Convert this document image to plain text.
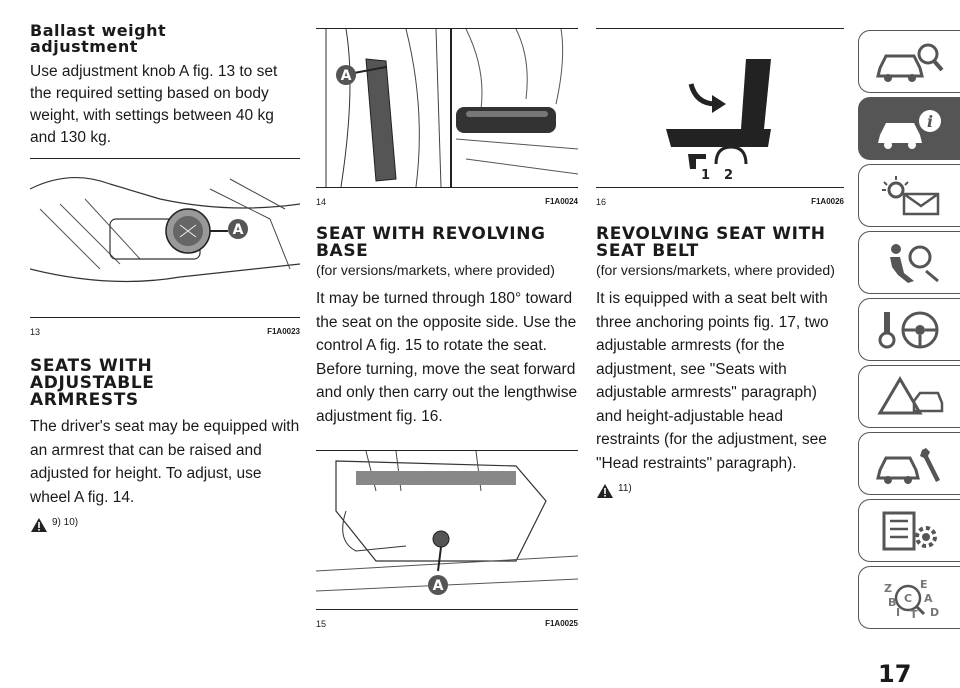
Ballast weight adjustment

Use adjustment knob A fig. 13 to set the required setting based on body weight, with settings between 40 kg and 130 kg.

A
13	F1A0023
SEATS WITH ADJUSTABLE ARMRESTS

The driver's seat may be equipped with an armrest that can be raised and adjusted for height. To adjust, use wheel A fig. 14.

9) 10)
A
14	F1A0024
SEAT WITH REVOLVING BASE

(for versions/markets, where provided)

It may be turned through 180° toward the seat on the opposite side. Use the control A fig. 15 to rotate the seat. Before turning, move the seat forward and only then carry out the lengthwise adjustment fig. 16.

A
15	F1A0025
1 2
16	F1A0026
REVOLVING SEAT WITH SEAT BELT

(for versions/markets, where provided)

It is equipped with a seat belt with three anchoring points fig. 17, two adjustable armrests (for the adjustment, see "Seats with adjustable armrests" paragraph) and height-adjustable head restraints (for the adjustment, see "Head restraints" paragraph).

11)
i
Z	E
A
B C
D
I T
17
